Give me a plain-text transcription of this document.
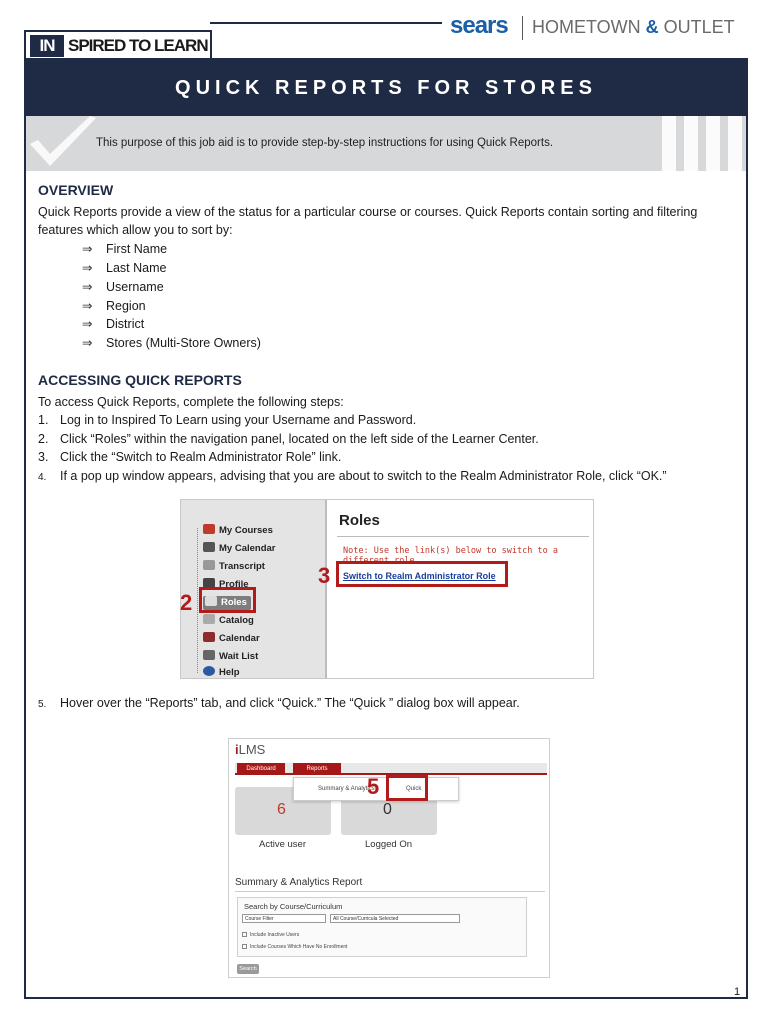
IN SPIRED TO LEARN
sears HOMETOWN & OUTLET
QUICK REPORTS FOR STORES
This purpose of this job aid is to provide step-by-step instructions for using Quick Reports.
OVERVIEW
Quick Reports provide a view of the status for a particular course or courses. Quick Reports contain sorting and filtering
features which allow you to sort by:
⇒ First Name
⇒ Last Name
⇒ Username
⇒ Region
⇒ District
⇒ Stores (Multi-Store Owners)
ACCESSING QUICK REPORTS
To access Quick Reports, complete the following steps:
1. Log in to Inspired To Learn using your Username and Password.
2. Click “Roles” within the navigation panel, located on the left side of the Learner Center.
3. Click the “Switch to Realm Administrator Role” link.
4. If a pop up window appears, advising that you are about to switch to the Realm Administrator Role, click “OK.”
My Courses
My Calendar
Transcript
Profile
Roles
Catalog
Calendar
Wait List
Help
Roles
Note: Use the link(s) below to switch to a different role.
Switch to Realm Administrator Role
2
3
5. Hover over the “Reports” tab, and click “Quick.” The “Quick ” dialog box will appear.
iLMS
Dashboard	Reports
6	0
Summary & Analytics	Quick
Active user	Logged On
Summary & Analytics Report
Search by Course/Curriculum
Course Filter	All Course/Curricula Selected
Include Inactive Users
Include Courses Which Have No Enrollment
Search
5
1
